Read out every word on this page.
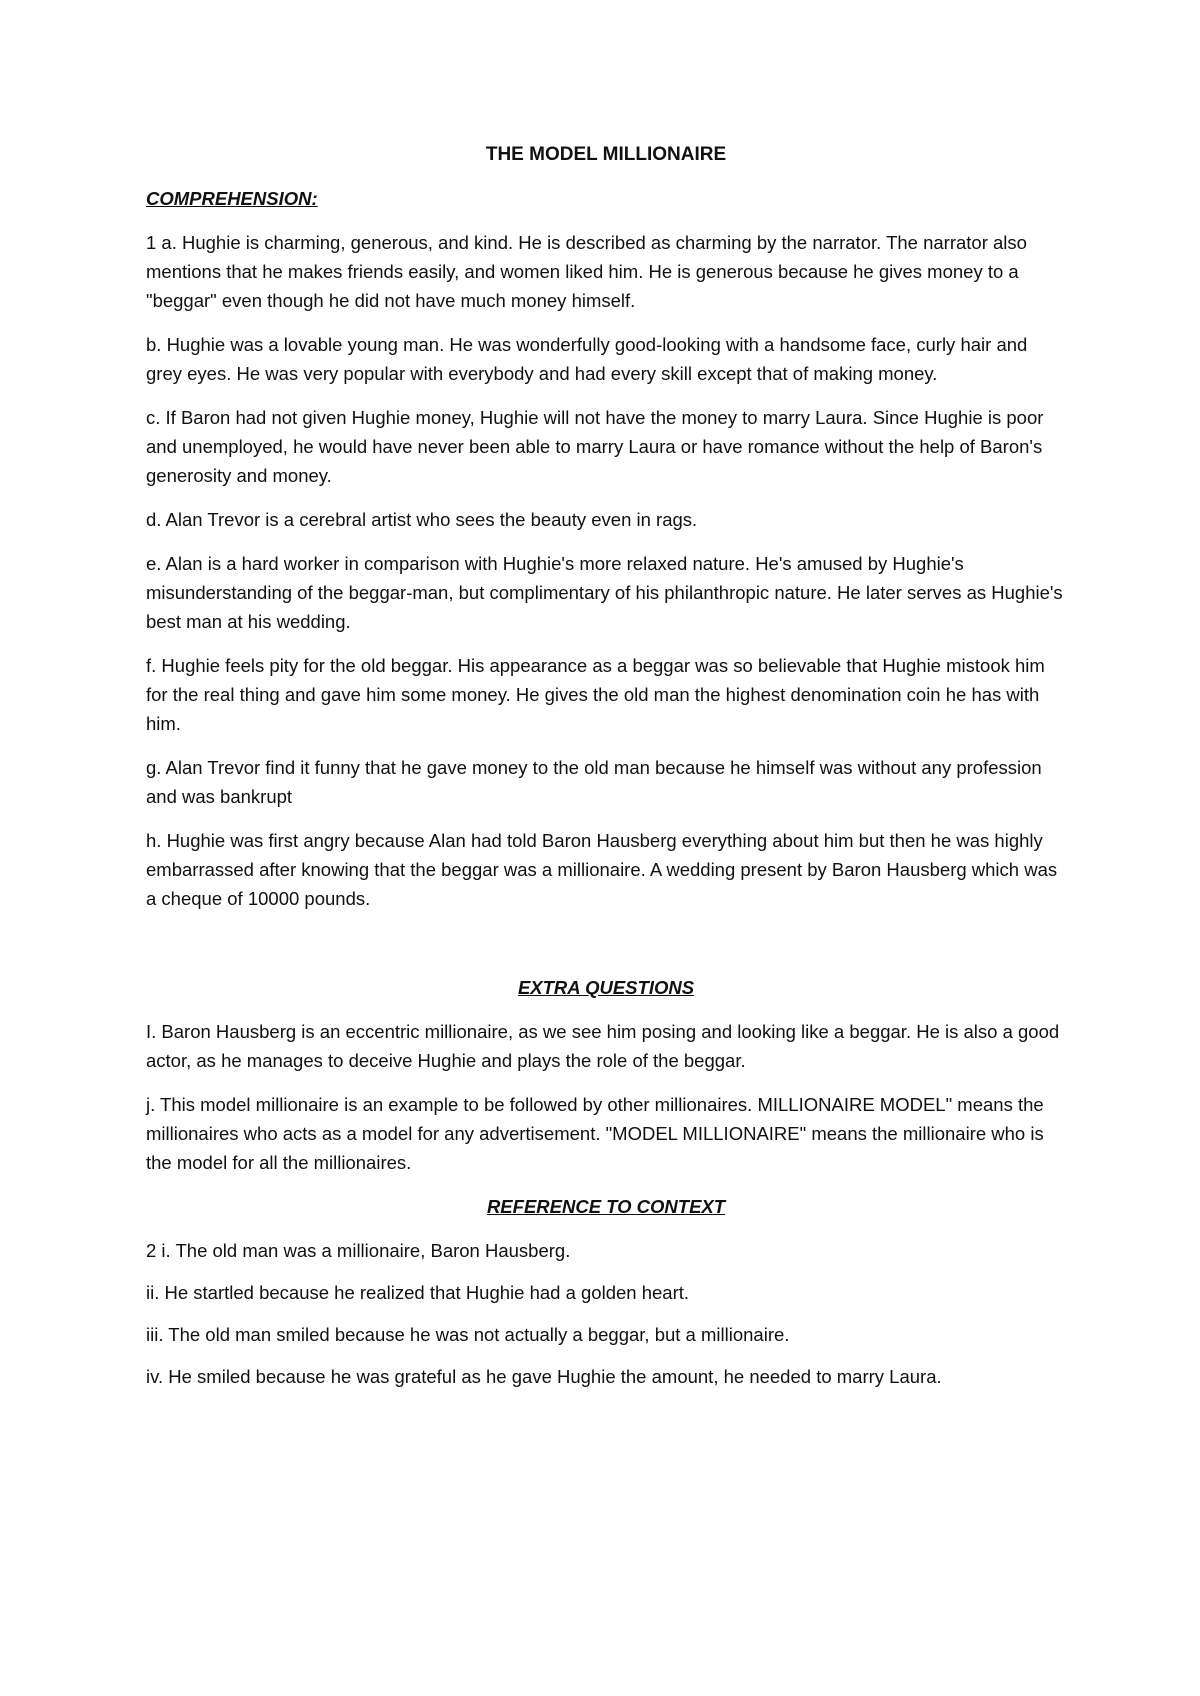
THE MODEL MILLIONAIRE
COMPREHENSION:

1 a. Hughie is charming, generous, and kind. He is described as charming by the narrator. The narrator also mentions that he makes friends easily, and women liked him. He is generous because he gives money to a "beggar" even though he did not have much money himself.

b. Hughie was a lovable young man. He was wonderfully good-looking with a handsome face, curly hair and grey eyes. He was very popular with everybody and had every skill except that of making money.

c. If Baron had not given Hughie money, Hughie will not have the money to marry Laura. Since Hughie is poor and unemployed, he would have never been able to marry Laura or have romance without the help of Baron's generosity and money.

d. Alan Trevor is a cerebral artist who sees the beauty even in rags.

e. Alan is a hard worker in comparison with Hughie's more relaxed nature. He's amused by Hughie's misunderstanding of the beggar-man, but complimentary of his philanthropic nature. He later serves as Hughie's best man at his wedding.

f. Hughie feels pity for the old beggar. His appearance as a beggar was so believable that Hughie mistook him for the real thing and gave him some money. He gives the old man the highest denomination coin he has with him.

g. Alan Trevor find it funny that he gave money to the old man because he himself was without any profession and was bankrupt

h. Hughie was first angry because Alan had told Baron Hausberg everything about him but then he was highly embarrassed after knowing that the beggar was a millionaire. A wedding present by Baron Hausberg which was a cheque of 10000 pounds.

EXTRA QUESTIONS

I. Baron Hausberg is an eccentric millionaire, as we see him posing and looking like a beggar. He is also a good actor, as he manages to deceive Hughie and plays the role of the beggar.

j. This model millionaire is an example to be followed by other millionaires. MILLIONAIRE MODEL" means the millionaires who acts as a model for any advertisement. "MODEL MILLIONAIRE" means the millionaire who is the model for all the millionaires.

REFERENCE TO CONTEXT

2 i. The old man was a millionaire, Baron Hausberg.

ii. He startled because he realized that Hughie had a golden heart.

iii. The old man smiled because he was not actually a beggar, but a millionaire.

iv. He smiled because he was grateful as he gave Hughie the amount, he needed to marry Laura.
